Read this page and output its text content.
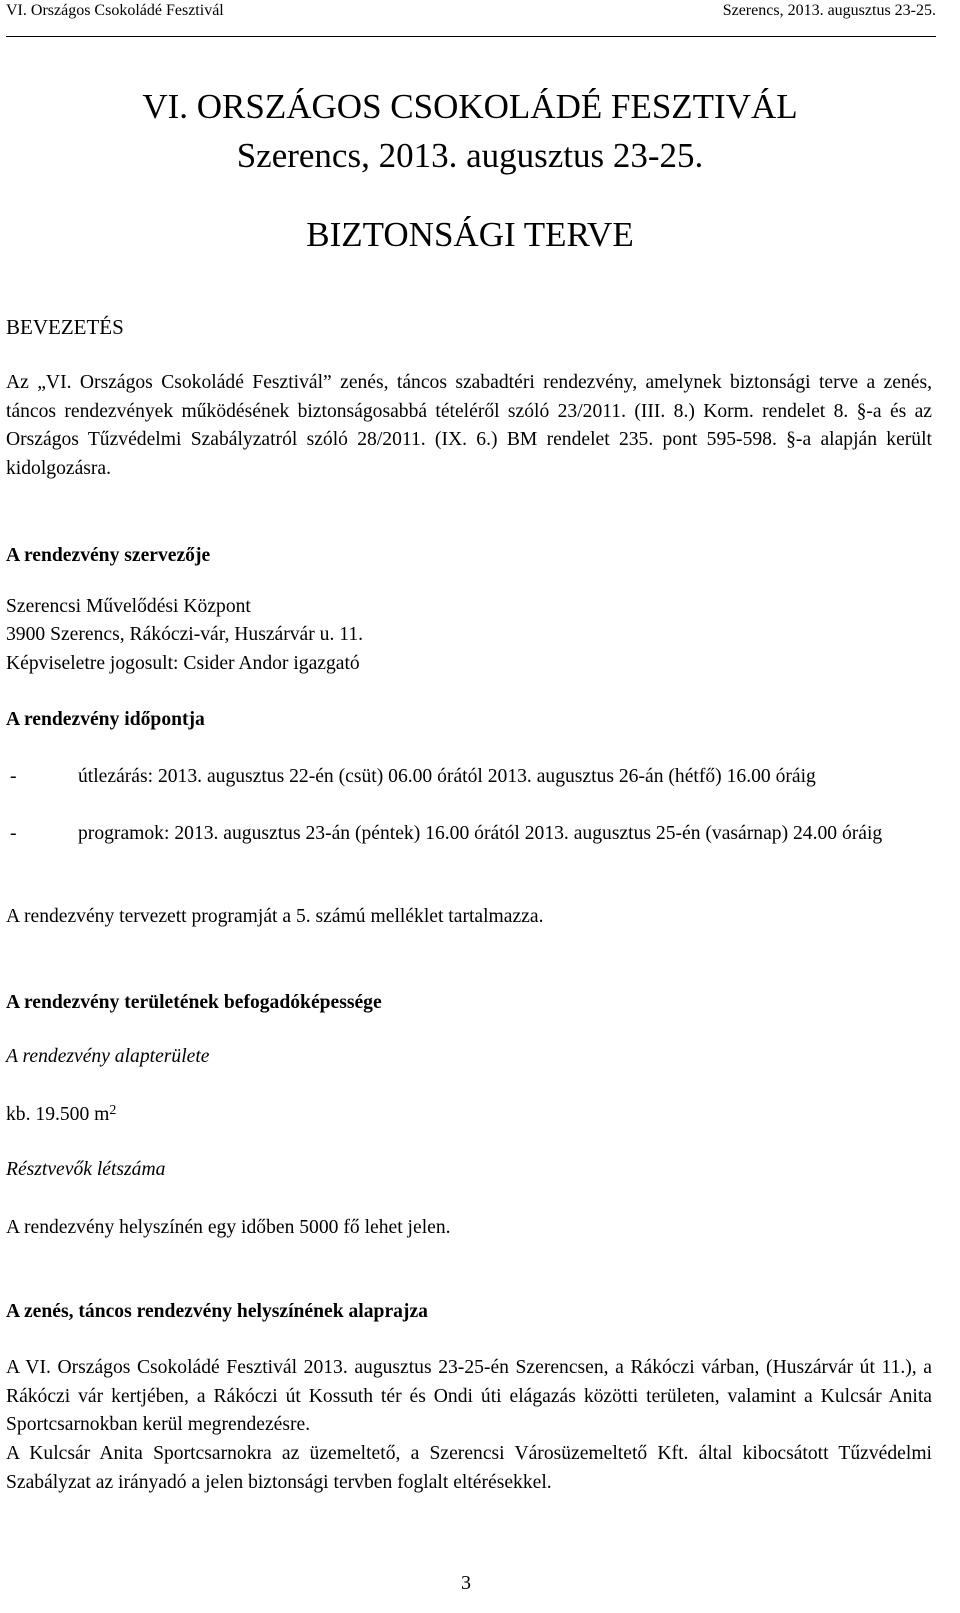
VI. Országos Csokoládé Fesztivál	Szerencs, 2013. augusztus 23-25.
VI. ORSZÁGOS CSOKOLÁDÉ FESZTIVÁL
Szerencs, 2013. augusztus 23-25.
BIZTONSÁGI TERVE
BEVEZETÉS
Az „VI. Országos Csokoládé Fesztivál” zenés, táncos szabadtéri rendezvény, amelynek biztonsági terve a zenés, táncos rendezvények működésének biztonságosabbá tételéről szóló 23/2011. (III. 8.) Korm. rendelet 8. §-a és az Országos Tűzvédelmi Szabályzatról szóló 28/2011. (IX. 6.) BM rendelet 235. pont 595-598. §-a alapján került kidolgozásra.
A rendezvény szervezője
Szerencsi Művelődési Központ
3900 Szerencs, Rákóczi-vár, Huszárvár u. 11.
Képviseletre jogosult: Csider Andor igazgató
A rendezvény időpontja
-	útlezárás: 2013. augusztus 22-én (csüt) 06.00 órától 2013. augusztus 26-án (hétfő) 16.00 óráig
-	programok: 2013. augusztus 23-án (péntek) 16.00 órától 2013. augusztus 25-én (vasárnap) 24.00 óráig
A rendezvény tervezett programját a 5. számú melléklet tartalmazza.
A rendezvény területének befogadóképessége
A rendezvény alapterülete
kb. 19.500 $m^2$
Résztvevők létszáma
A rendezvény helyszínén egy időben 5000 fő lehet jelen.
A zenés, táncos rendezvény helyszínének alaprajza
A VI. Országos Csokoládé Fesztivál 2013. augusztus 23-25-én Szerencsen, a Rákóczi várban, (Huszárvár út 11.), a Rákóczi vár kertjében, a Rákóczi út Kossuth tér és Ondi úti elágazás közötti területen, valamint a Kulcsár Anita Sportcsarnokban kerül megrendezésre.
A Kulcsár Anita Sportcsarnokra az üzemeltető, a Szerencsi Városüzemeltető Kft. által kibocsátott Tűzvédelmi Szabályzat az irányadó a jelen biztonsági tervben foglalt eltérésekkel.
3
